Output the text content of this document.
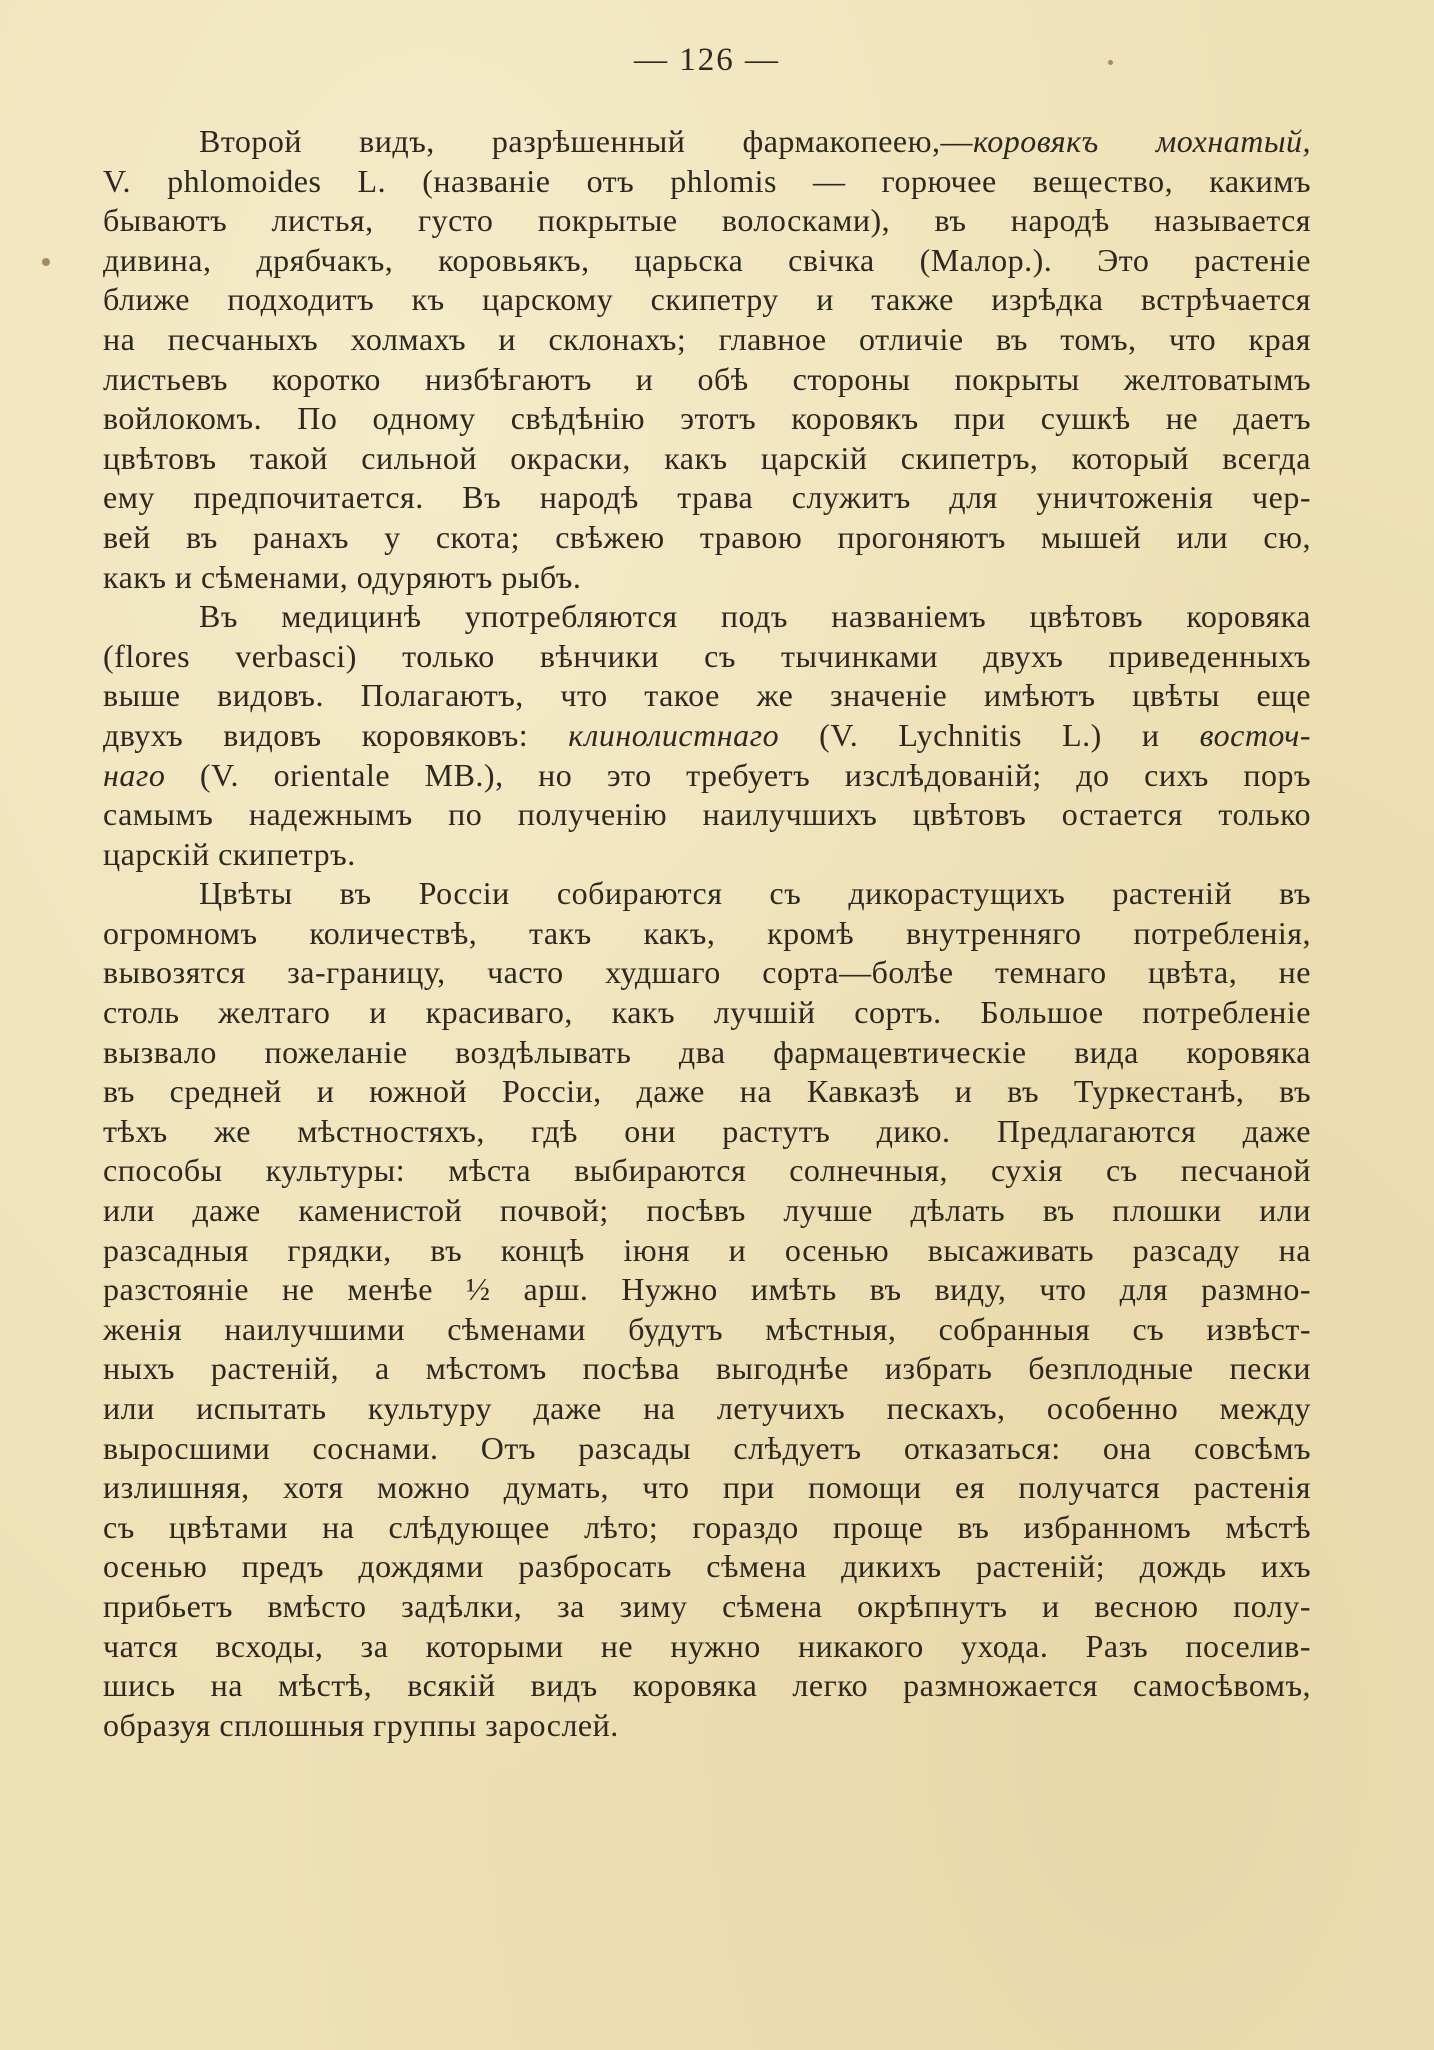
— 126 —
Второй видъ, разрѣшенный фармакопеею,—коровякъ мохнатый,
V. phlomoides L. (названіе отъ phlomis — горючее вещество, какимъ
бываютъ листья, густо покрытые волосками), въ народѣ называется
дивина, дрябчакъ, коровьякъ, царьска свічка (Малор.). Это растеніе
ближе подходитъ къ царскому скипетру и также изрѣдка встрѣчается
на песчаныхъ холмахъ и склонахъ; главное отличіе въ томъ, что края
листьевъ коротко низбѣгаютъ и обѣ стороны покрыты желтоватымъ
войлокомъ. По одному свѣдѣнію этотъ коровякъ при сушкѣ не даетъ
цвѣтовъ такой сильной окраски, какъ царскій скипетръ, который всегда
ему предпочитается. Въ народѣ трава служитъ для уничтоженія чер-
вей въ ранахъ у скота; свѣжею травою прогоняютъ мышей или сю,
какъ и сѣменами, одуряютъ рыбъ.
Въ медицинѣ употребляются подъ названіемъ цвѣтовъ коровяка
(flores verbasci) только вѣнчики съ тычинками двухъ приведенныхъ
выше видовъ. Полагаютъ, что такое же значеніе имѣютъ цвѣты еще
двухъ видовъ коровяковъ: клинолистнаго (V. Lychnitis L.) и восточ-
наго (V. orientale MB.), но это требуетъ изслѣдованій; до сихъ поръ
самымъ надежнымъ по полученію наилучшихъ цвѣтовъ остается только
царскій скипетръ.
Цвѣты въ Россіи собираются съ дикорастущихъ растеній въ
огромномъ количествѣ, такъ какъ, кромѣ внутренняго потребленія,
вывозятся за-границу, часто худшаго сорта—болѣе темнаго цвѣта, не
столь желтаго и красиваго, какъ лучшій сортъ. Большое потребленіе
вызвало пожеланіе воздѣлывать два фармацевтическіе вида коровяка
въ средней и южной Россіи, даже на Кавказѣ и въ Туркестанѣ, въ
тѣхъ же мѣстностяхъ, гдѣ они растутъ дико. Предлагаются даже
способы культуры: мѣста выбираются солнечныя, сухія съ песчаной
или даже каменистой почвой; посѣвъ лучше дѣлать въ плошки или
разсадныя грядки, въ концѣ іюня и осенью высаживать разсаду на
разстояніе не менѣе ½ арш. Нужно имѣть въ виду, что для размно-
женія наилучшими сѣменами будутъ мѣстныя, собранныя съ извѣст-
ныхъ растеній, а мѣстомъ посѣва выгоднѣе избрать безплодные пески
или испытать культуру даже на летучихъ пескахъ, особенно между
выросшими соснами. Отъ разсады слѣдуетъ отказаться: она совсѣмъ
излишняя, хотя можно думать, что при помощи ея получатся растенія
съ цвѣтами на слѣдующее лѣто; гораздо проще въ избранномъ мѣстѣ
осенью предъ дождями разбросать сѣмена дикихъ растеній; дождь ихъ
прибьетъ вмѣсто задѣлки, за зиму сѣмена окрѣпнутъ и весною полу-
чатся всходы, за которыми не нужно никакого ухода. Разъ поселив-
шись на мѣстѣ, всякій видъ коровяка легко размножается самосѣвомъ,
образуя сплошныя группы зарослей.
